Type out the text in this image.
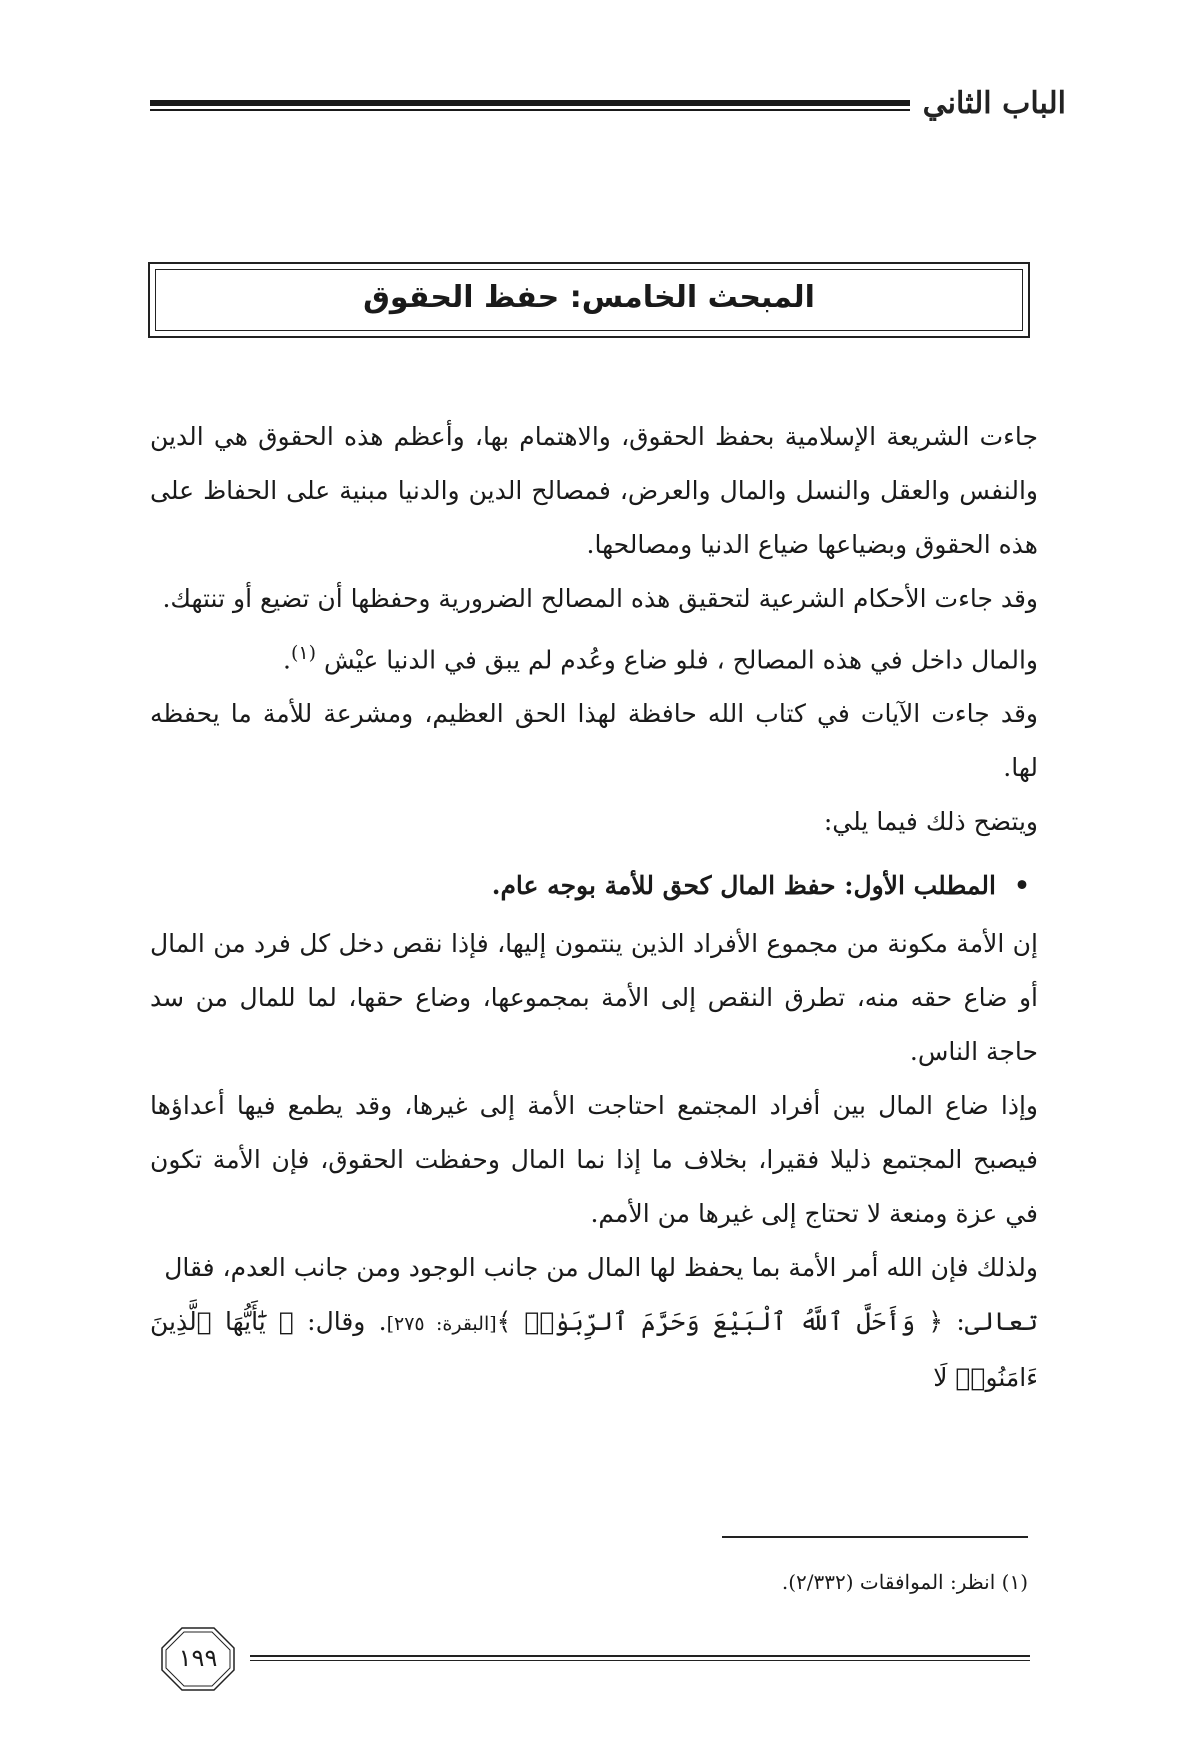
الباب الثاني
المبحث الخامس: حفظ الحقوق

جاءت الشريعة الإسلامية بحفظ الحقوق، والاهتمام بها، وأعظم هذه الحقوق هي الدين والنفس والعقل والنسل والمال والعرض، فمصالح الدين والدنيا مبنية على الحفاظ على هذه الحقوق وبضياعها ضياع الدنيا ومصالحها.

وقد جاءت الأحكام الشرعية لتحقيق هذه المصالح الضرورية وحفظها أن تضيع أو تنتهك.

والمال داخل في هذه المصالح ، فلو ضاع وعُدم لم يبق في الدنيا عيْش $^{(١)}$.

وقد جاءت الآيات في كتاب الله حافظة لهذا الحق العظيم، ومشرعة للأمة ما يحفظه لها.

ويتضح ذلك فيما يلي:

•
المطلب الأول: حفظ المال كحق للأمة بوجه عام.

إن الأمة مكونة من مجموع الأفراد الذين ينتمون إليها، فإذا نقص دخل كل فرد من المال أو ضاع حقه منه، تطرق النقص إلى الأمة بمجموعها، وضاع حقها، لما للمال من سد حاجة الناس.

وإذا ضاع المال بين أفراد المجتمع احتاجت الأمة إلى غيرها، وقد يطمع فيها أعداؤها فيصبح المجتمع ذليلا فقيرا، بخلاف ما إذا نما المال وحفظت الحقوق، فإن الأمة تكون في عزة ومنعة لا تحتاج إلى غيرها من الأمم.

ولذلك فإن الله أمر الأمة بما يحفظ لها المال من جانب الوجود ومن جانب العدم، فقال

تعالى: ﴿ وَأَحَلَّ ٱللَّهُ ٱلْبَيْعَ وَحَرَّمَ ٱلرِّبَوٰا۟ ﴾[البقرة: ٢٧٥]. وقال: ﴿ يَٰٓأَيُّهَا ٱلَّذِينَ ءَامَنُوا۟ لَا

(١) انظر: الموافقات (٢/٣٣٢).
١٩٩
